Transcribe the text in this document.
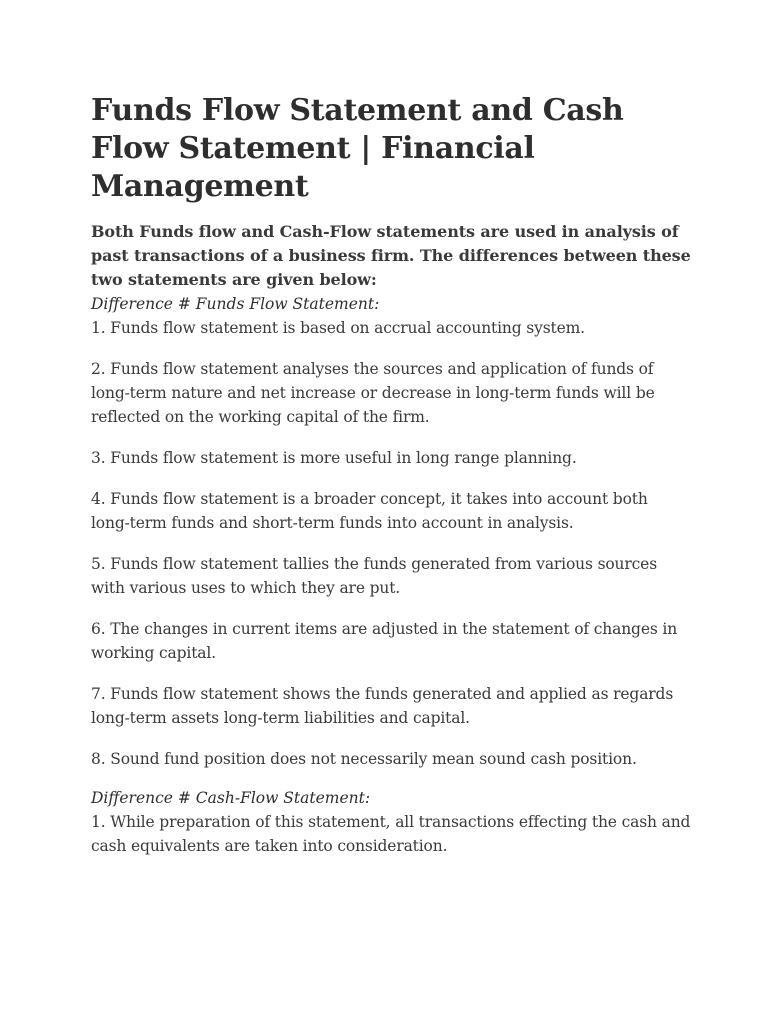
Funds Flow Statement and Cash Flow Statement | Financial Management

Both Funds flow and Cash-Flow statements are used in analysis of past transactions of a business firm. The differences between these two statements are given below:

Difference # Funds Flow Statement:

1. Funds flow statement is based on accrual accounting system.

2. Funds flow statement analyses the sources and application of funds of long-term nature and net increase or decrease in long-term funds will be reflected on the working capital of the firm.

3. Funds flow statement is more useful in long range planning.

4. Funds flow statement is a broader concept, it takes into account both long-term funds and short-term funds into account in analysis.

5. Funds flow statement tallies the funds generated from various sources with various uses to which they are put.

6. The changes in current items are adjusted in the statement of changes in working capital.

7. Funds flow statement shows the funds generated and applied as regards long-term assets long-term liabilities and capital.

8. Sound fund position does not necessarily mean sound cash position.

Difference # Cash-Flow Statement:

1. While preparation of this statement, all transactions effecting the cash and cash equivalents are taken into consideration.
